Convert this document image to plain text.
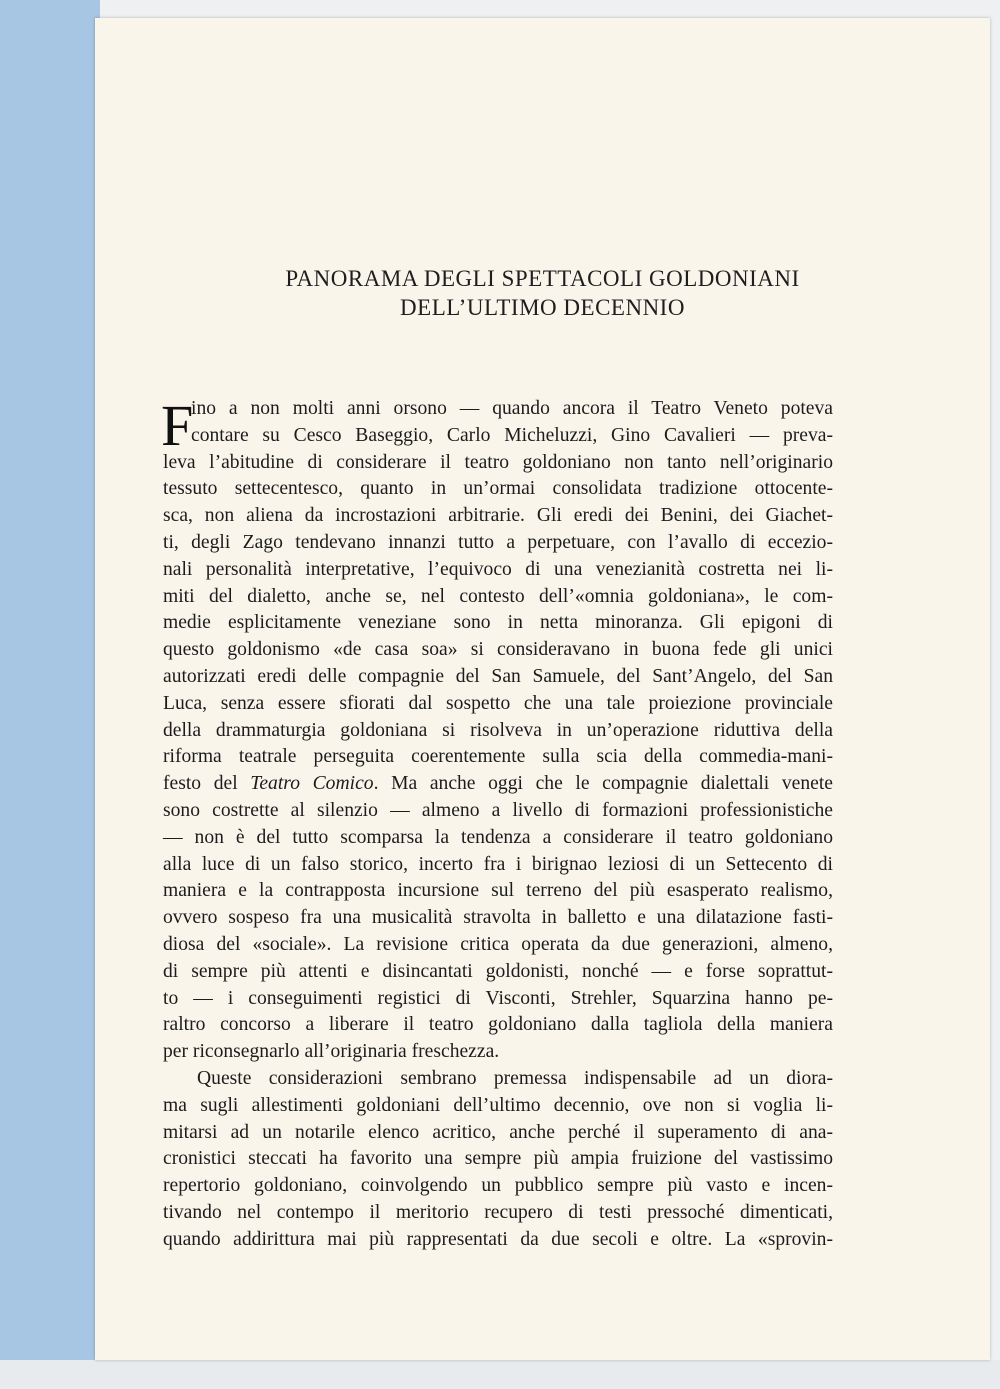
PANORAMA DEGLI SPETTACOLI GOLDONIANI
DELL’ULTIMO DECENNIO
F
ino a non molti anni orsono — quando ancora il Teatro Veneto poteva
contare su Cesco Baseggio, Carlo Micheluzzi, Gino Cavalieri — preva-
leva l’abitudine di considerare il teatro goldoniano non tanto nell’originario
tessuto settecentesco, quanto in un’ormai consolidata tradizione ottocente-
sca, non aliena da incrostazioni arbitrarie. Gli eredi dei Benini, dei Giachet-
ti, degli Zago tendevano innanzi tutto a perpetuare, con l’avallo di eccezio-
nali personalità interpretative, l’equivoco di una venezianità costretta nei li-
miti del dialetto, anche se, nel contesto dell’«omnia goldoniana», le com-
medie esplicitamente veneziane sono in netta minoranza. Gli epigoni di
questo goldonismo «de casa soa» si consideravano in buona fede gli unici
autorizzati eredi delle compagnie del San Samuele, del Sant’Angelo, del San
Luca, senza essere sfiorati dal sospetto che una tale proiezione provinciale
della drammaturgia goldoniana si risolveva in un’operazione riduttiva della
riforma teatrale perseguita coerentemente sulla scia della commedia-mani-
festo del Teatro Comico. Ma anche oggi che le compagnie dialettali venete
sono costrette al silenzio — almeno a livello di formazioni professionistiche
— non è del tutto scomparsa la tendenza a considerare il teatro goldoniano
alla luce di un falso storico, incerto fra i birignao leziosi di un Settecento di
maniera e la contrapposta incursione sul terreno del più esasperato realismo,
ovvero sospeso fra una musicalità stravolta in balletto e una dilatazione fasti-
diosa del «sociale». La revisione critica operata da due generazioni, almeno,
di sempre più attenti e disincantati goldonisti, nonché — e forse soprattut-
to — i conseguimenti registici di Visconti, Strehler, Squarzina hanno pe-
raltro concorso a liberare il teatro goldoniano dalla tagliola della maniera
per riconsegnarlo all’originaria freschezza.
Queste considerazioni sembrano premessa indispensabile ad un diora-
ma sugli allestimenti goldoniani dell’ultimo decennio, ove non si voglia li-
mitarsi ad un notarile elenco acritico, anche perché il superamento di ana-
cronistici steccati ha favorito una sempre più ampia fruizione del vastissimo
repertorio goldoniano, coinvolgendo un pubblico sempre più vasto e incen-
tivando nel contempo il meritorio recupero di testi pressoché dimenticati,
quando addirittura mai più rappresentati da due secoli e oltre. La «sprovin-
